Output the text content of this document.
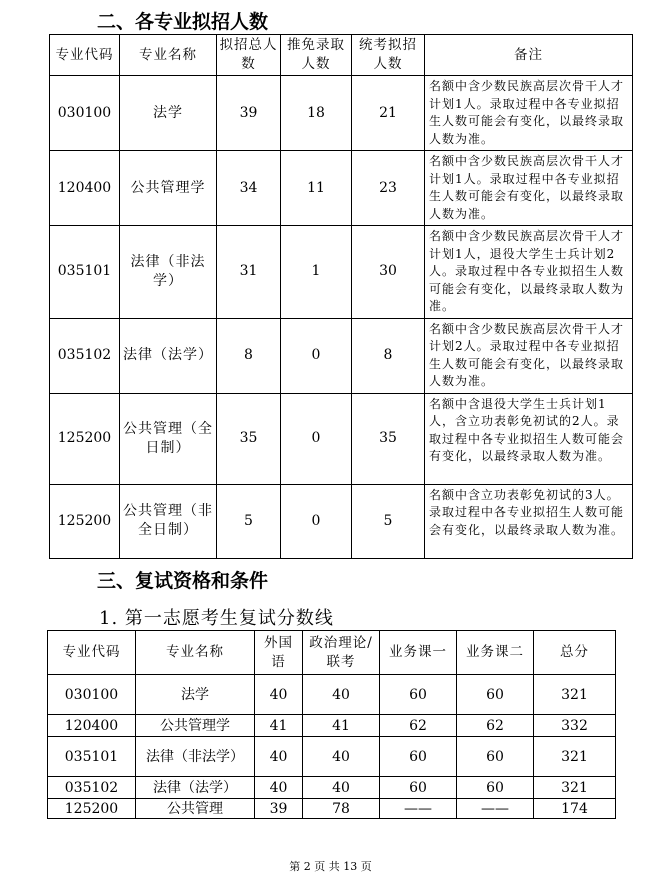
二、各专业拟招人数
专业代码	专业名称	拟招总人数	推免录取人数	统考拟招人数	备注
030100	法学	39	18	21	名额中含少数民族高层次骨干人才计划1人。录取过程中各专业拟招生人数可能会有变化，以最终录取人数为准。
120400	公共管理学	34	11	23	名额中含少数民族高层次骨干人才计划1人。录取过程中各专业拟招生人数可能会有变化，以最终录取人数为准。
035101	法律（非法学）	31	1	30	名额中含少数民族高层次骨干人才计划1人，退役大学生士兵计划2人。录取过程中各专业拟招生人数可能会有变化，以最终录取人数为准。
035102	法律（法学）	8	0	8	名额中含少数民族高层次骨干人才计划2人。录取过程中各专业拟招生人数可能会有变化，以最终录取人数为准。
125200	公共管理（全日制）	35	0	35	名额中含退役大学生士兵计划1人，含立功表彰免初试的2人。录取过程中各专业拟招生人数可能会有变化，以最终录取人数为准。
125200	公共管理（非全日制）	5	0	5	名额中含立功表彰免初试的3人。录取过程中各专业拟招生人数可能会有变化，以最终录取人数为准。
三、复试资格和条件
1. 第一志愿考生复试分数线
专业代码	专业名称	外国语	政治理论/联考	业务课一	业务课二	总分
030100	法学	40	40	60	60	321
120400	公共管理学	41	41	62	62	332
035101	法律（非法学）	40	40	60	60	321
035102	法律（法学）	40	40	60	60	321
125200	公共管理	39	78	——	——	174
第 2 页 共 13 页
